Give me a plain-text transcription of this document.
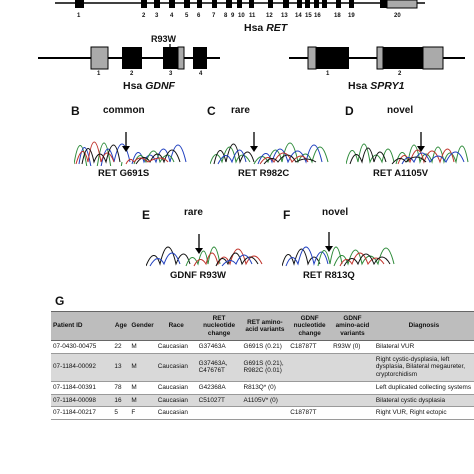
1	2 3 4 5 6 7 8 9 10 11 12 13 14 15 16 18 19	20
Hsa RET
R93W
1	2	3	4
Hsa GDNF
1	2
Hsa SPRY1
B common
RET G691S
C rare
RET R982C
D	novel
RET A1105V
E	rare
GDNF R93W
F	novel
RET R813Q
G
Patient ID	Age	Gender	Race	RET nucleotide change	RET amino-acid variants	GDNF nucleotide change	GDNF amino-acid variants	Diagnosis
07-0430-00475	22	M	Caucasian	G37463A	G691S (0.21)	C18787T	R93W (0)	Bilateral VUR
07-1184-00092	13	M	Caucasian	G37463A, C47676T	G691S (0.21), R982C (0.01)			Right cystic-dysplasia, left dysplasia, Bilateral megaureter, cryptorchidism
07-1184-00391	78	M	Caucasian	G42368A	R813Q* (0)			Left duplicated collecting systems
07-1184-00098	16	M	Caucasian	C51027T	A1105V* (0)			Bilateral cystic dysplasia
07-1184-00217	5	F	Caucasian			C18787T		Right VUR, Right ectopic
